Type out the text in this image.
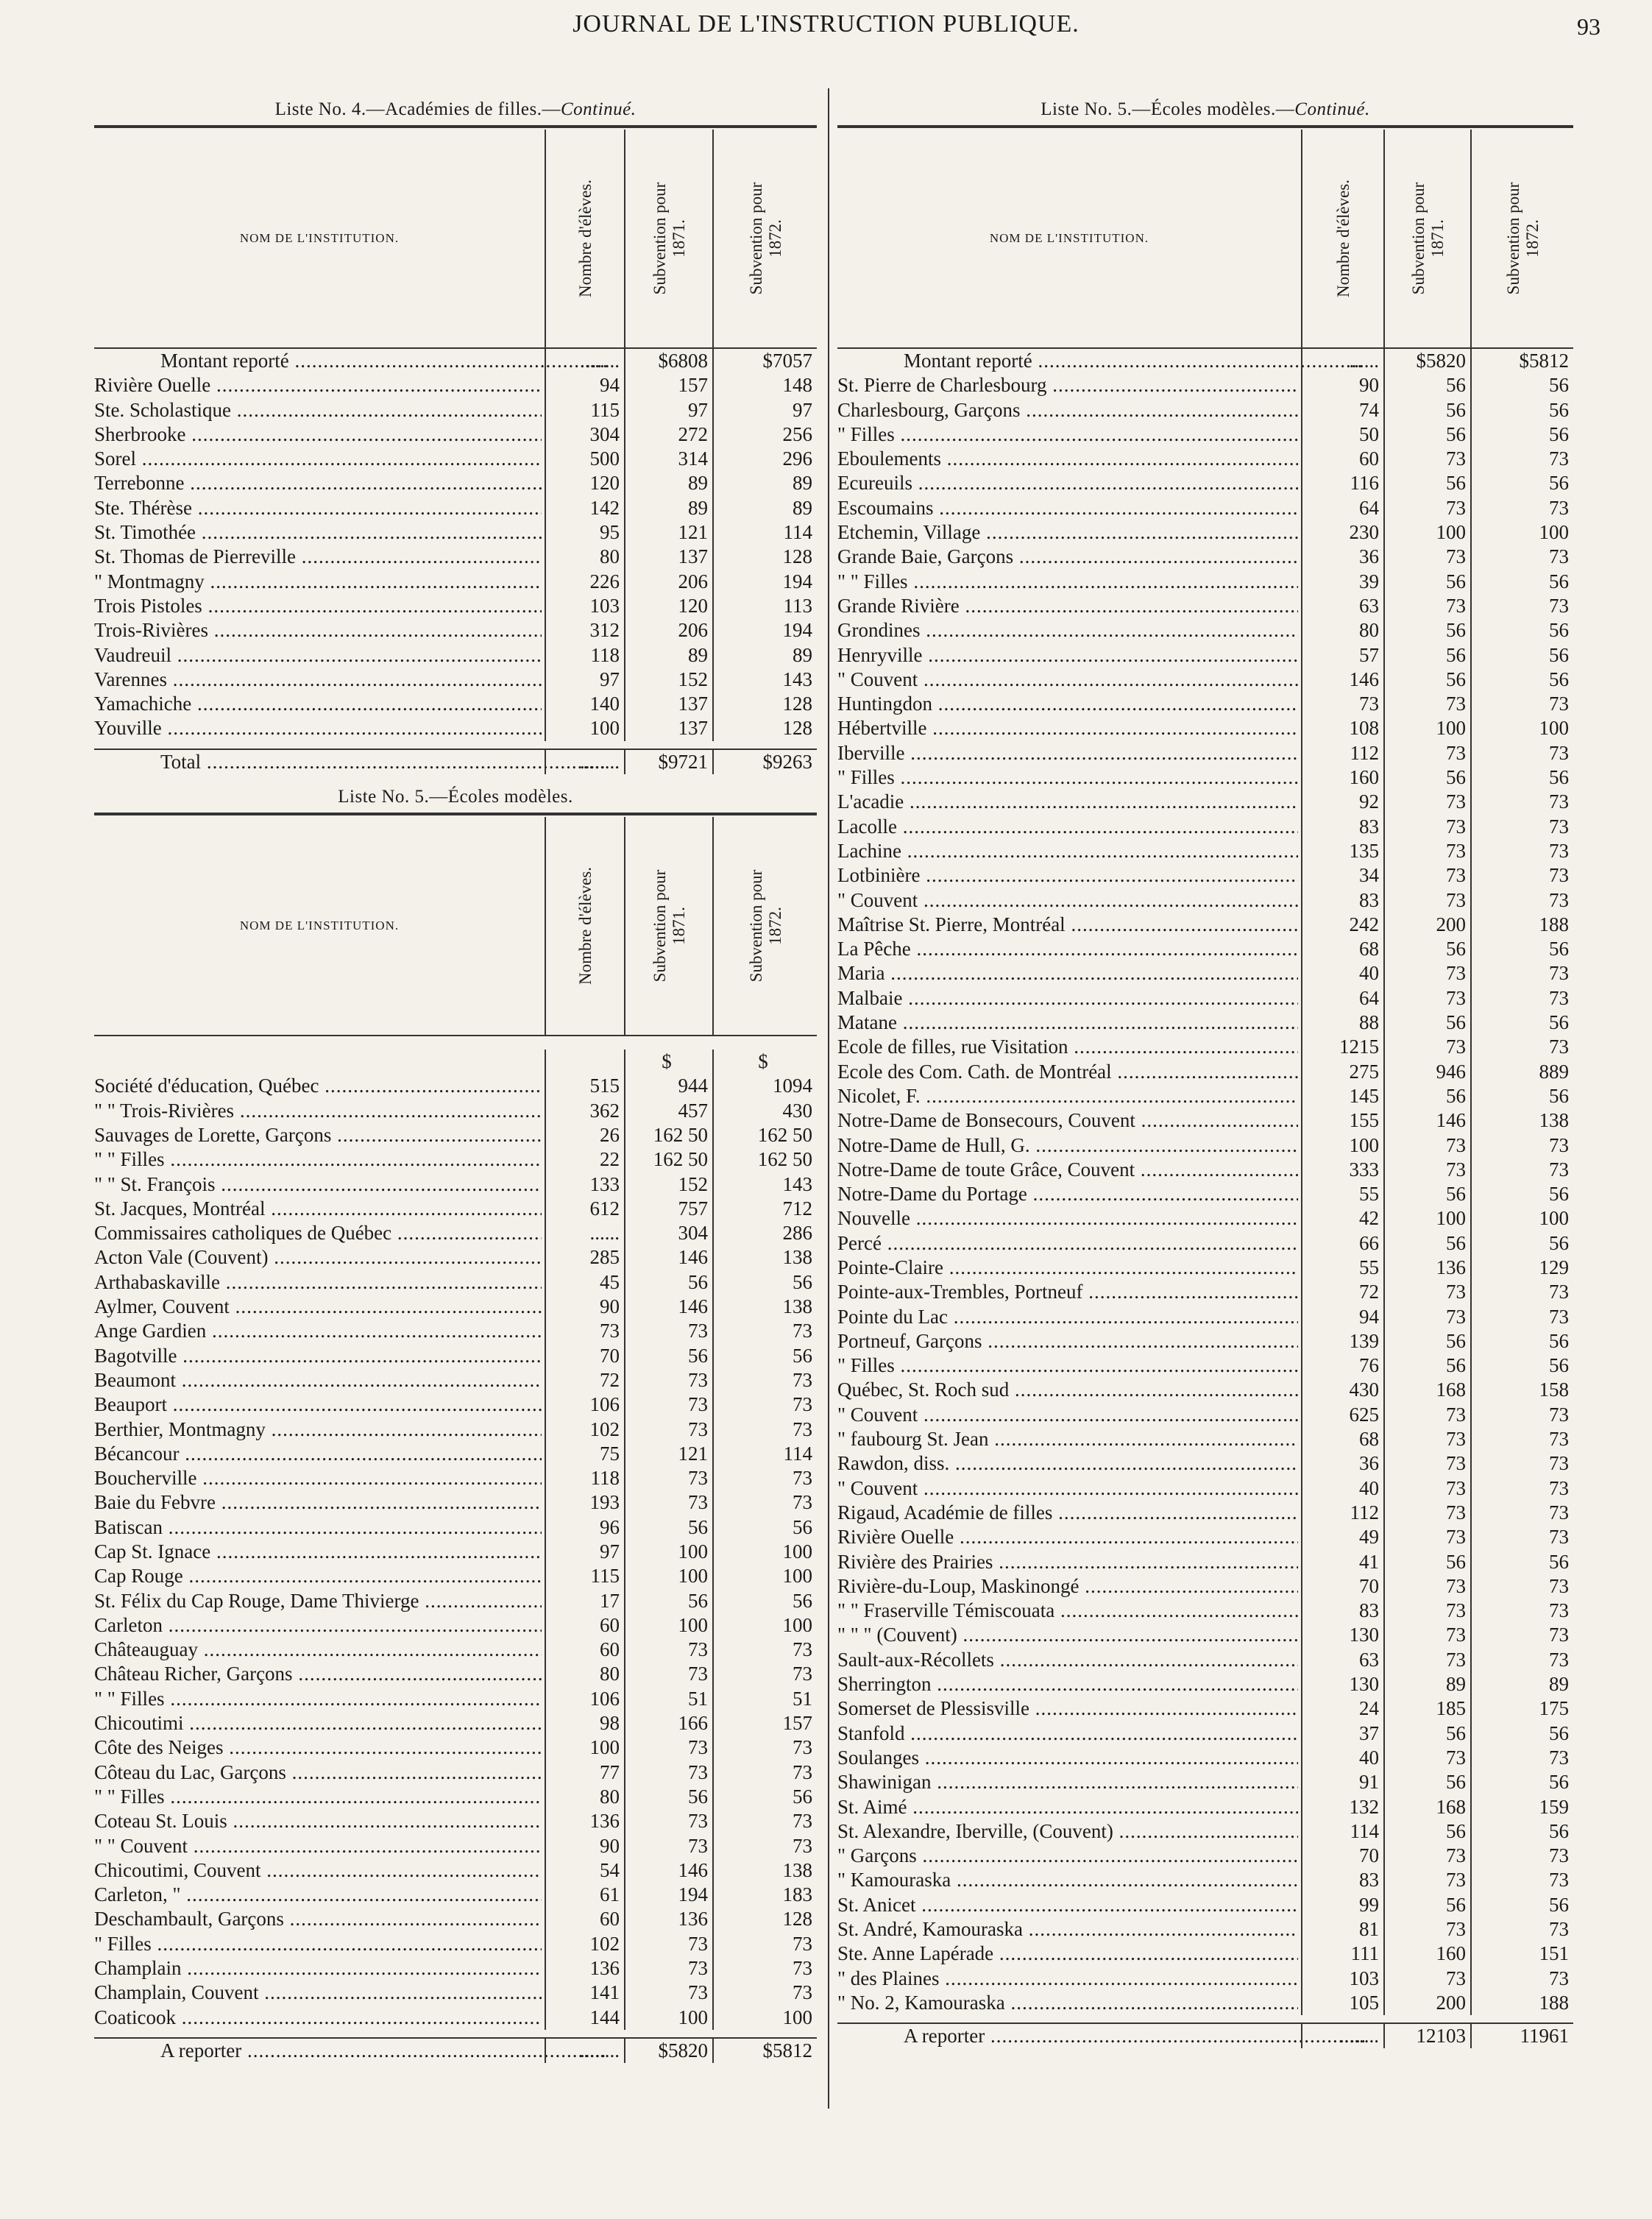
JOURNAL DE L'INSTRUCTION PUBLIQUE.	93
Liste No. 4.—Académies de filles.—Continué.
NOM DE L'INSTITUTION.	Nombre d'élèves.	Subvention pour
1871.	Subvention pour
1872.
Montant reporté .....	........	$6808	$7057
Rivière Ouelle .....	94	157	148
Ste. Scholastique .....	115	97	97
Sherbrooke .....	304	272	256
Sorel .....	500	314	296
Terrebonne .....	120	89	89
Ste. Thérèse .....	142	89	89
St. Timothée .....	95	121	114
St. Thomas de Pierreville .....	80	137	128
" Montmagny .....	226	206	194
Trois Pistoles .....	103	120	113
Trois-Rivières .....	312	206	194
Vaudreuil .....	118	89	89
Varennes .....	97	152	143
Yamachiche .....	140	137	128
Youville .....	100	137	128
Total .....	........	$9721	$9263
Liste No. 5.—Écoles modèles.
NOM DE L'INSTITUTION.	Nombre d'élèves.	Subvention pour
1871.	Subvention pour
1872.
$	$
Société d'éducation, Québec .....	515	944	1094
" " Trois-Rivières .....	362	457	430
Sauvages de Lorette, Garçons .....	26	162 50	162 50
" " Filles .....	22	162 50	162 50
" " St. François .....	133	152	143
St. Jacques, Montréal .....	612	757	712
Commissaires catholiques de Québec .....	......	304	286
Acton Vale (Couvent) .....	285	146	138
Arthabaskaville .....	45	56	56
Aylmer, Couvent .....	90	146	138
Ange Gardien .....	73	73	73
Bagotville .....	70	56	56
Beaumont .....	72	73	73
Beauport .....	106	73	73
Berthier, Montmagny .....	102	73	73
Bécancour .....	75	121	114
Boucherville .....	118	73	73
Baie du Febvre .....	193	73	73
Batiscan .....	96	56	56
Cap St. Ignace .....	97	100	100
Cap Rouge .....	115	100	100
St. Félix du Cap Rouge, Dame Thivierge .....	17	56	56
Carleton .....	60	100	100
Châteauguay .....	60	73	73
Château Richer, Garçons .....	80	73	73
" " Filles .....	106	51	51
Chicoutimi .....	98	166	157
Côte des Neiges .....	100	73	73
Côteau du Lac, Garçons .....	77	73	73
" " Filles .....	80	56	56
Coteau St. Louis .....	136	73	73
" " Couvent .....	90	73	73
Chicoutimi, Couvent .....	54	146	138
Carleton, " .....	61	194	183
Deschambault, Garçons .....	60	136	128
" Filles .....	102	73	73
Champlain .....	136	73	73
Champlain, Couvent .....	141	73	73
Coaticook .....	144	100	100
A reporter .....	........	$5820	$5812
Liste No. 5.—Écoles modèles.—Continué.
NOM DE L'INSTITUTION.	Nombre d'élèves.	Subvention pour
1871.	Subvention pour
1872.
Montant reporté .....	......	$5820	$5812
St. Pierre de Charlesbourg .....	90	56	56
Charlesbourg, Garçons .....	74	56	56
" Filles .....	50	56	56
Eboulements .....	60	73	73
Ecureuils .....	116	56	56
Escoumains .....	64	73	73
Etchemin, Village .....	230	100	100
Grande Baie, Garçons .....	36	73	73
" " Filles .....	39	56	56
Grande Rivière .....	63	73	73
Grondines .....	80	56	56
Henryville .....	57	56	56
" Couvent .....	146	56	56
Huntingdon .....	73	73	73
Hébertville .....	108	100	100
Iberville .....	112	73	73
" Filles .....	160	56	56
L'acadie .....	92	73	73
Lacolle .....	83	73	73
Lachine .....	135	73	73
Lotbinière .....	34	73	73
" Couvent .....	83	73	73
Maîtrise St. Pierre, Montréal .....	242	200	188
La Pêche .....	68	56	56
Maria .....	40	73	73
Malbaie .....	64	73	73
Matane .....	88	56	56
Ecole de filles, rue Visitation .....	1215	73	73
Ecole des Com. Cath. de Montréal .....	275	946	889
Nicolet, F. .....	145	56	56
Notre-Dame de Bonsecours, Couvent .....	155	146	138
Notre-Dame de Hull, G. .....	100	73	73
Notre-Dame de toute Grâce, Couvent .....	333	73	73
Notre-Dame du Portage .....	55	56	56
Nouvelle .....	42	100	100
Percé .....	66	56	56
Pointe-Claire .....	55	136	129
Pointe-aux-Trembles, Portneuf .....	72	73	73
Pointe du Lac .....	94	73	73
Portneuf, Garçons .....	139	56	56
" Filles .....	76	56	56
Québec, St. Roch sud .....	430	168	158
" Couvent .....	625	73	73
" faubourg St. Jean .....	68	73	73
Rawdon, diss. .....	36	73	73
" Couvent .....	40	73	73
Rigaud, Académie de filles .....	112	73	73
Rivière Ouelle .....	49	73	73
Rivière des Prairies .....	41	56	56
Rivière-du-Loup, Maskinongé .....	70	73	73
" " Fraserville Témiscouata .....	83	73	73
" " " (Couvent) .....	130	73	73
Sault-aux-Récollets .....	63	73	73
Sherrington .....	130	89	89
Somerset de Plessisville .....	24	185	175
Stanfold .....	37	56	56
Soulanges .....	40	73	73
Shawinigan .....	91	56	56
St. Aimé .....	132	168	159
St. Alexandre, Iberville, (Couvent) .....	114	56	56
" Garçons .....	70	73	73
" Kamouraska .....	83	73	73
St. Anicet .....	99	56	56
St. André, Kamouraska .....	81	73	73
Ste. Anne Lapérade .....	111	160	151
" des Plaines .....	103	73	73
" No. 2, Kamouraska .....	105	200	188
A reporter .....	........	12103	11961
